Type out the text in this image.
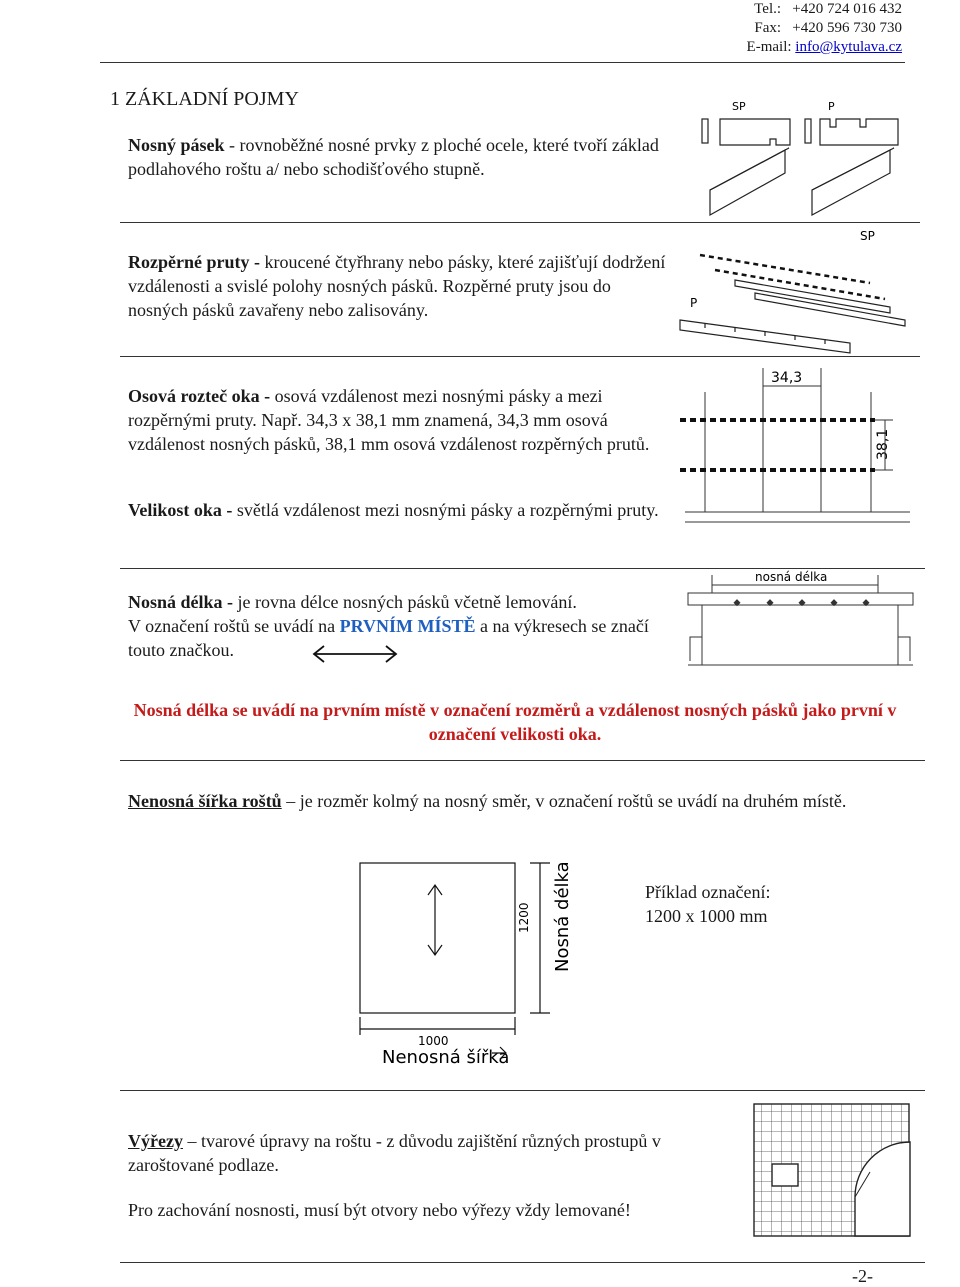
Tel.: +420 724 016 432
Fax: +420 596 730 730
E-mail: info@kytulava.cz
1 ZÁKLADNÍ POJMY
Nosný pásek - rovnoběžné nosné prvky z ploché ocele, které tvoří základ podlahového roštu a/ nebo schodišťového stupně.
SP	P
Rozpěrné pruty - kroucené čtyřhrany nebo pásky, které zajišťují dodržení vzdálenosti a svislé polohy nosných pásků. Rozpěrné pruty jsou do nosných pásků zavařeny nebo zalisovány.
SP
P
Osová rozteč oka - osová vzdálenost mezi nosnými pásky a mezi rozpěrnými pruty. Např. 34,3 x 38,1 mm znamená, 34,3 mm osová vzdálenost nosných pásků, 38,1 mm osová vzdálenost rozpěrných prutů.
Velikost oka - světlá vzdálenost mezi nosnými pásky a rozpěrnými pruty.
34,3
38,1
Nosná délka - je rovna délce nosných pásků včetně lemování.
V označení roštů se uvádí na PRVNÍM MÍSTĚ a na výkresech se značí touto značkou.
nosná délka
Nosná délka se uvádí na prvním místě v označení rozměrů a vzdálenost nosných pásků jako první v označení velikosti oka.
Nenosná šířka roštů – je rozměr kolmý na nosný směr, v označení roštů se uvádí na druhém místě.
1200 Nosná délka
1000
Nenosná šířka
Příklad označení:
1200 x 1000 mm
Výřezy – tvarové úpravy na roštu - z důvodu zajištění různých prostupů v zaroštované podlaze.
Pro zachování nosnosti, musí být otvory nebo výřezy vždy lemované!
-2-
